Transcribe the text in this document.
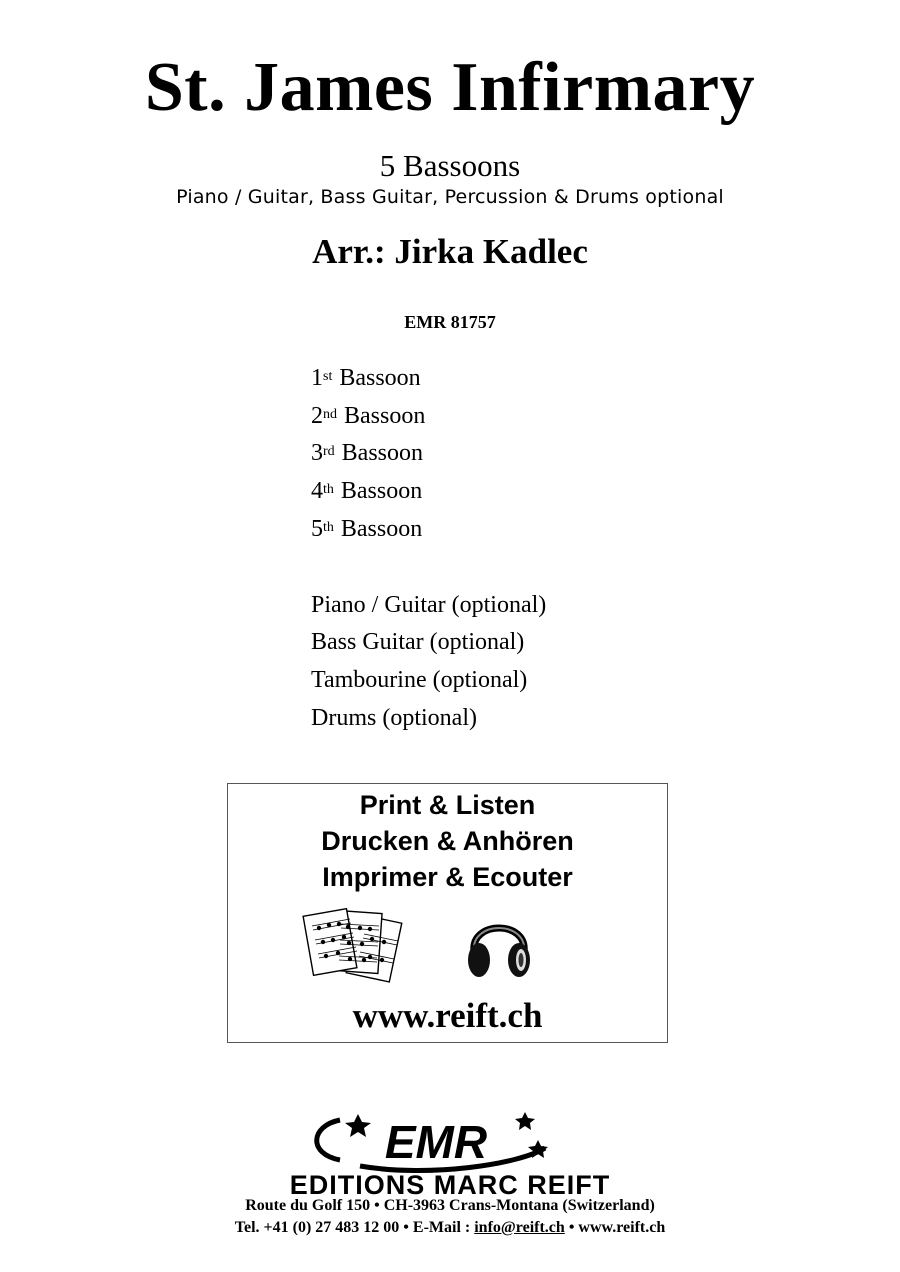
St. James Infirmary
5 Bassoons
Piano / Guitar, Bass Guitar, Percussion & Drums optional
Arr.: Jirka Kadlec
EMR 81757
1st Bassoon
2nd Bassoon
3rd Bassoon
4th Bassoon
5th Bassoon
Piano / Guitar (optional)
Bass Guitar (optional)
Tambourine (optional)
Drums (optional)
Print & Listen
Drucken & Anhören
Imprimer & Ecouter
www.reift.ch
EMR
EDITIONS MARC REIFT
Route du Golf 150 • CH-3963 Crans-Montana (Switzerland)
Tel. +41 (0) 27 483 12 00 • E-Mail : info@reift.ch • www.reift.ch
